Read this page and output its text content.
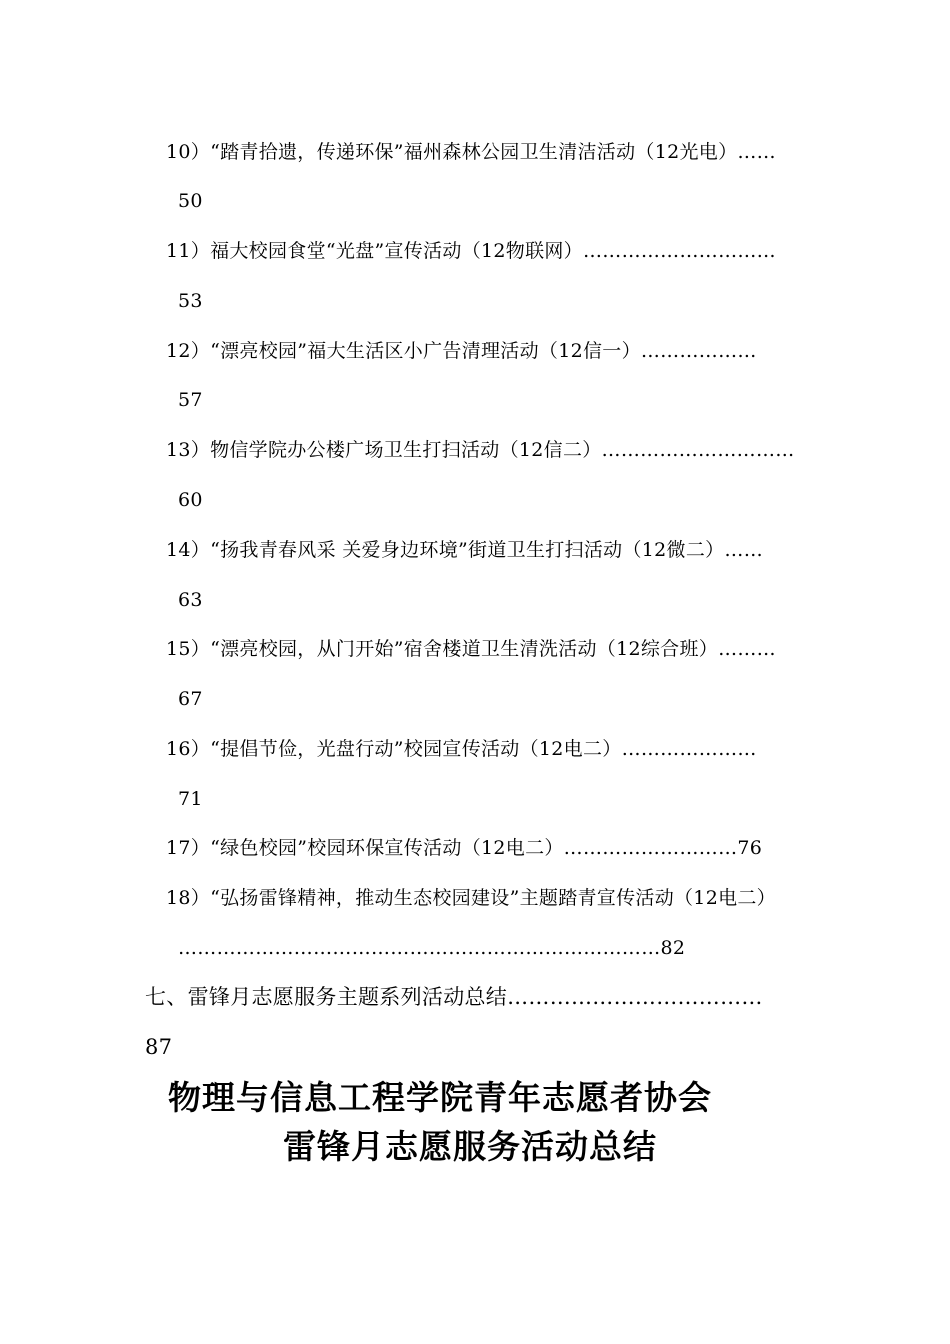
10）“踏青拾遗，传递环保”福州森林公园卫生清洁活动（12光电）……
50
11）福大校园食堂“光盘”宣传活动（12物联网）…………………………
53
12）“漂亮校园”福大生活区小广告清理活动（12信一）………………
57
13）物信学院办公楼广场卫生打扫活动（12信二）…………………………
60
14）“扬我青春风采 关爱身边环境”街道卫生打扫活动（12微二）……
63
15）“漂亮校园，从门开始”宿舍楼道卫生清洗活动（12综合班）………
67
16）“提倡节俭，光盘行动”校园宣传活动（12电二）…………………
71
17）“绿色校园”校园环保宣传活动（12电二）………………………76
18）“弘扬雷锋精神，推动生态校园建设”主题踏青宣传活动（12电二）
…………………………………………………………………82
七、雷锋月志愿服务主题系列活动总结………………………………
87
物理与信息工程学院青年志愿者协会
雷锋月志愿服务活动总结
